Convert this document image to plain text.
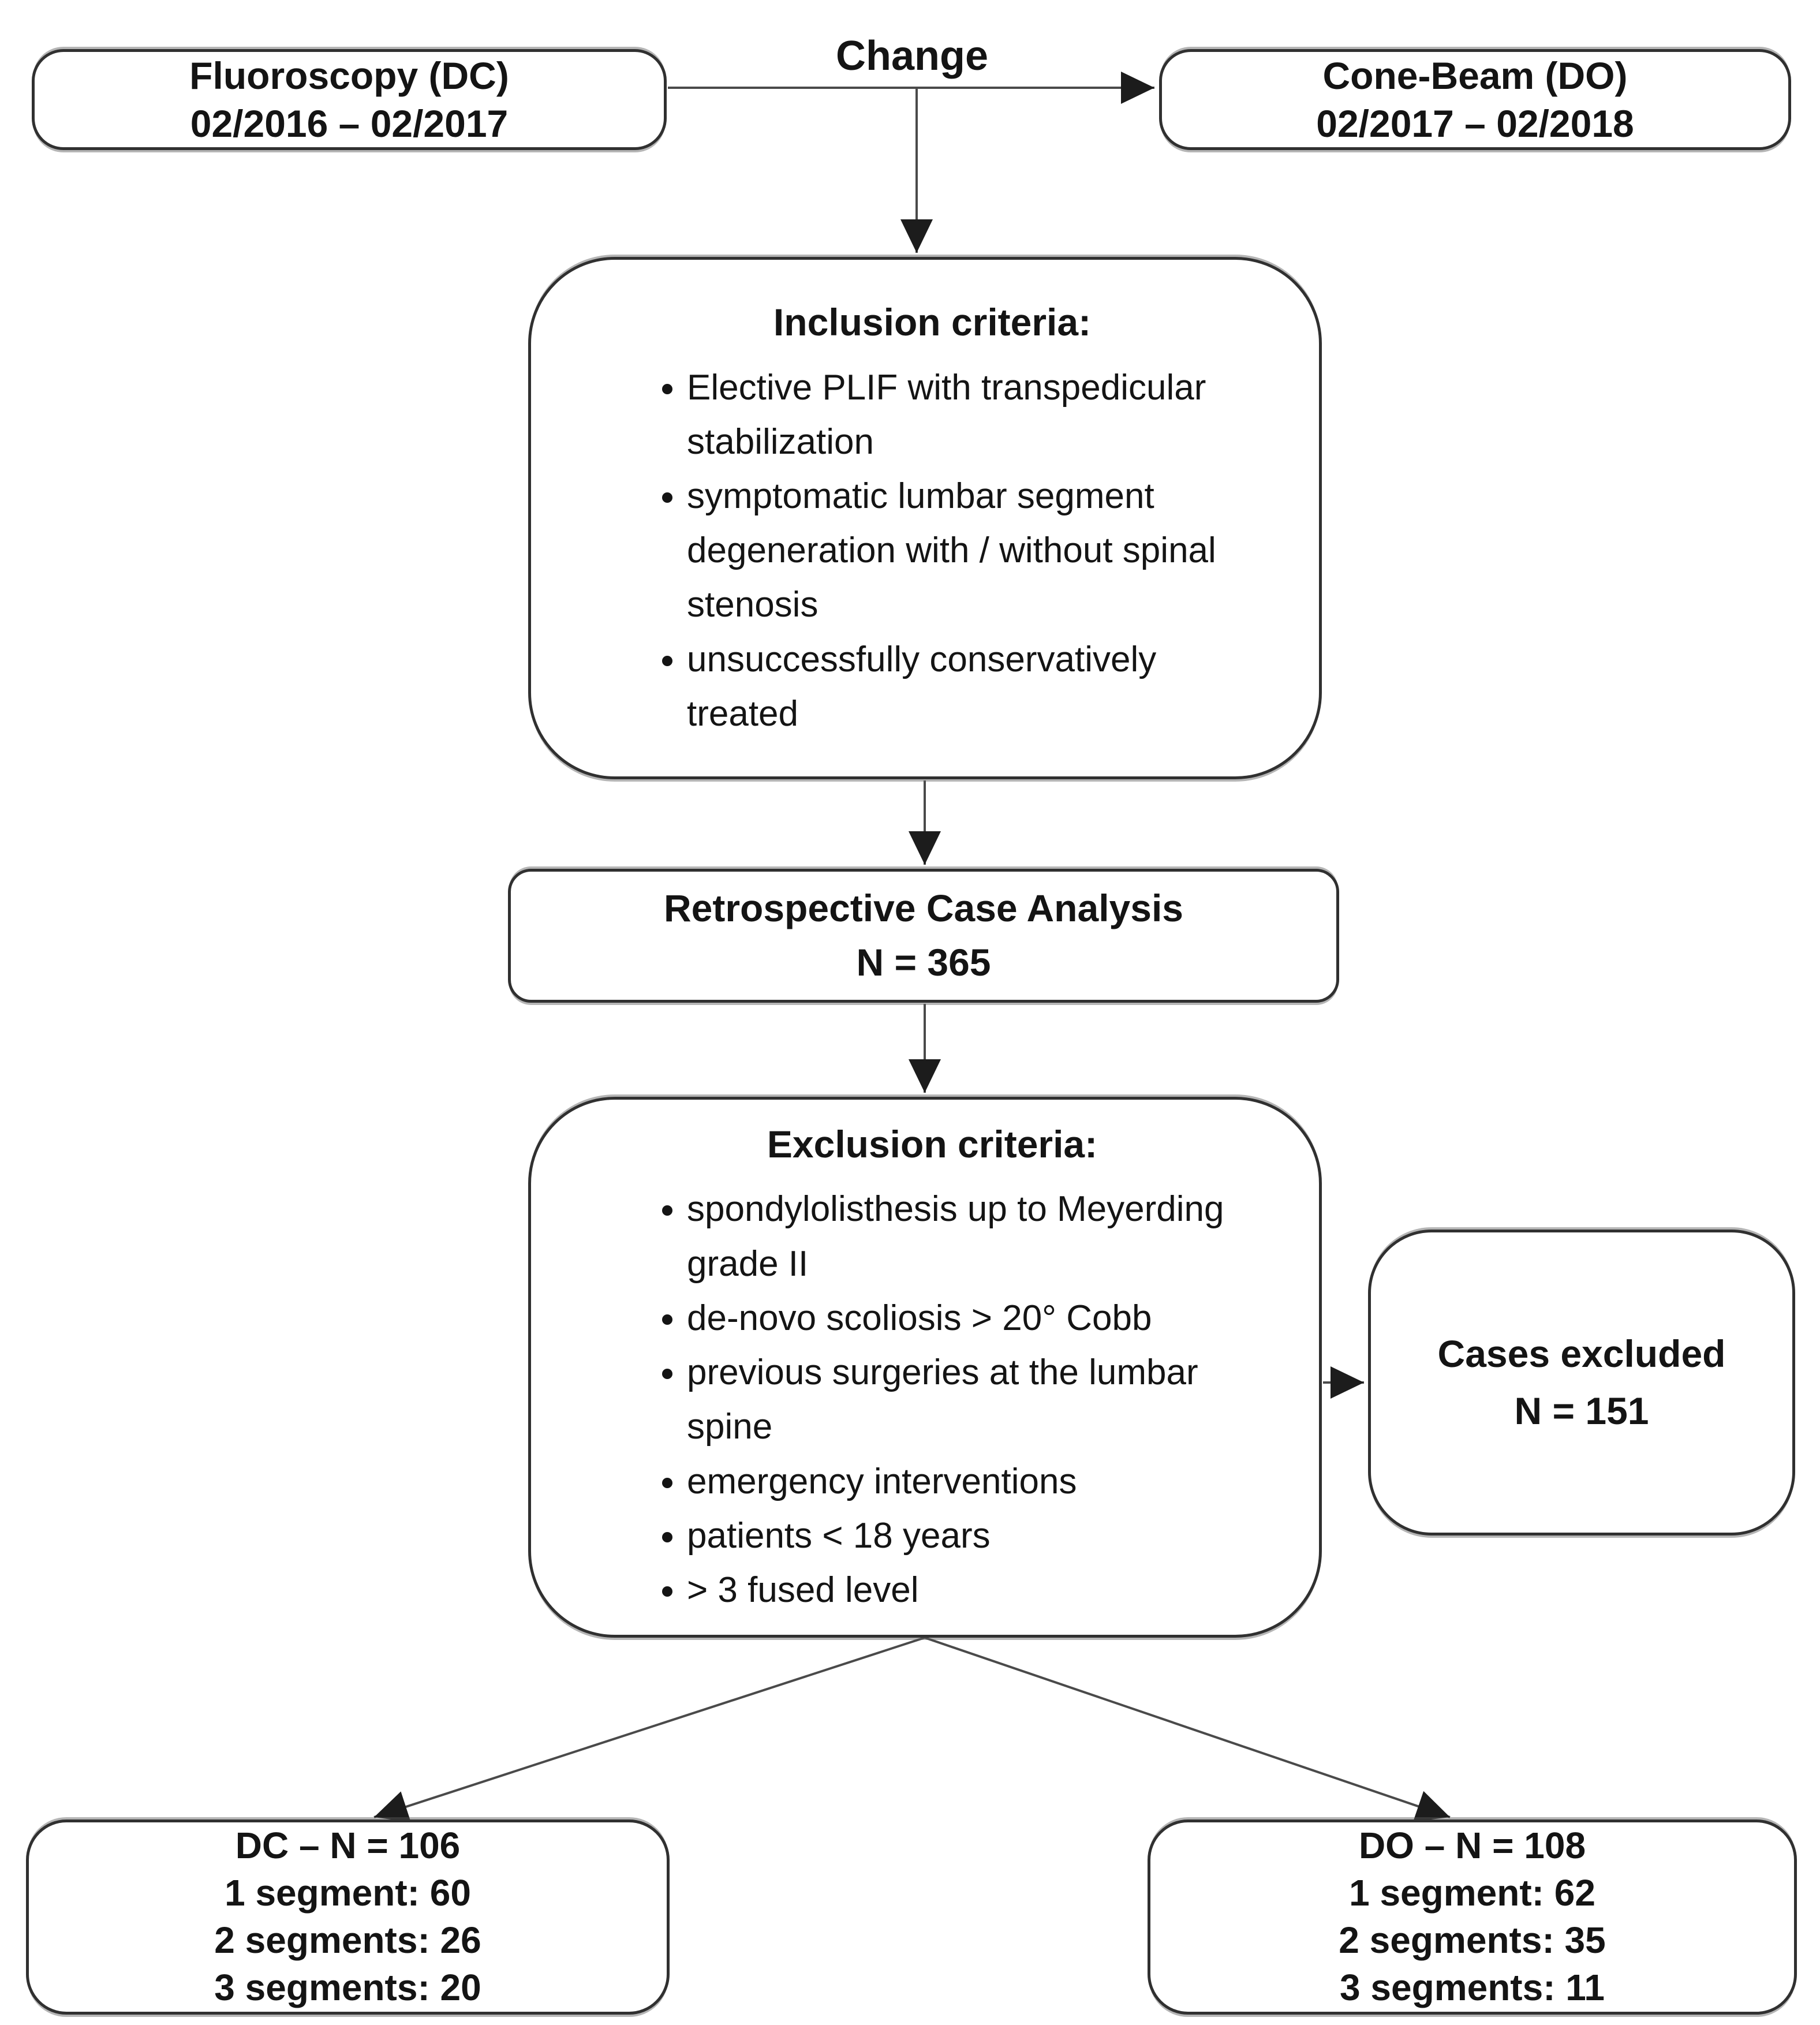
Change
Fluoroscopy (DC)
02/2016 – 02/2017
Cone-Beam (DO)
02/2017 – 02/2018
Inclusion criteria:
• Elective PLIF with transpedicular stabilization
• symptomatic lumbar segment degeneration with / without spinal stenosis
• unsuccessfully conservatively treated
Retrospective Case Analysis
N = 365
Exclusion criteria:
• spondylolisthesis up to Meyerding grade II
• de-novo scoliosis > 20° Cobb
• previous surgeries at the lumbar spine
• emergency interventions
• patients < 18 years
• > 3 fused level
Cases excluded
N = 151
DC – N = 106
1 segment: 60
2 segments: 26
3 segments: 20
DO – N = 108
1 segment: 62
2 segments: 35
3 segments: 11
